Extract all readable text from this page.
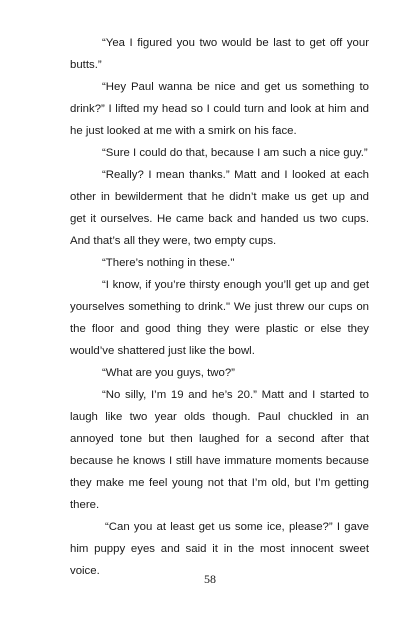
“Yea I figured you two would be last to get off your butts.”

“Hey Paul wanna be nice and get us something to drink?” I lifted my head so I could turn and look at him and he just looked at me with a smirk on his face.

“Sure I could do that, because I am such a nice guy.”

“Really? I mean thanks.” Matt and I looked at each other in bewilderment that he didn’t make us get up and get it ourselves. He came back and handed us two cups. And that’s all they were, two empty cups.

“There’s nothing in these."

“I know, if you’re thirsty enough you’ll get up and get yourselves something to drink." We just threw our cups on the floor and good thing they were plastic or else they would’ve shattered just like the bowl.

“What are you guys, two?”

“No silly, I’m 19 and he’s 20.” Matt and I started to laugh like two year olds though. Paul chuckled in an annoyed tone but then laughed for a second after that because he knows I still have immature moments because they make me feel young not that I’m old, but I’m getting there.

“Can you at least get us some ice, please?” I gave him puppy eyes and said it in the most innocent sweet voice.

58
